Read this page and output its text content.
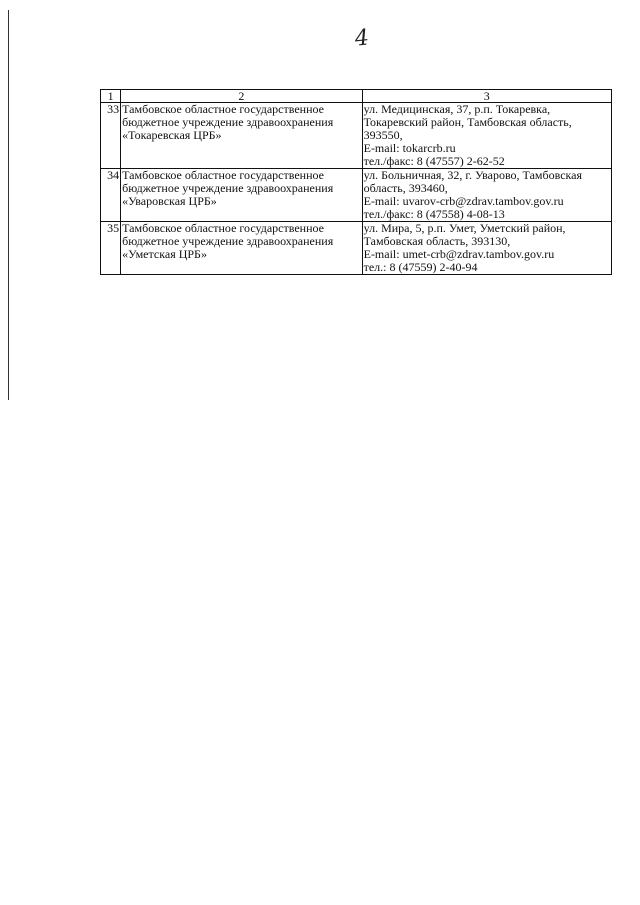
4
1	2	3
33	Тамбовское областное государственное
бюджетное учреждение здравоохранения
«Токаревская ЦРБ»	ул. Медицинская, 37, р.п. Токаревка,
Токаревский район, Тамбовская область,
393550,
E-mail: tokarcrb.ru
тел./факс: 8 (47557) 2-62-52

34	Тамбовское областное государственное
бюджетное учреждение здравоохранения
«Уваровская ЦРБ»	ул. Больничная, 32, г. Уварово, Тамбовская
область, 393460,
E-mail: uvarov-crb@zdrav.tambov.gov.ru
тел./факс: 8 (47558) 4-08-13

35	Тамбовское областное государственное
бюджетное учреждение здравоохранения
«Уметская ЦРБ»	ул. Мира, 5, р.п. Умет, Уметский район,
Тамбовская область, 393130,
E-mail: umet-crb@zdrav.tambov.gov.ru
тел.: 8 (47559) 2-40-94
